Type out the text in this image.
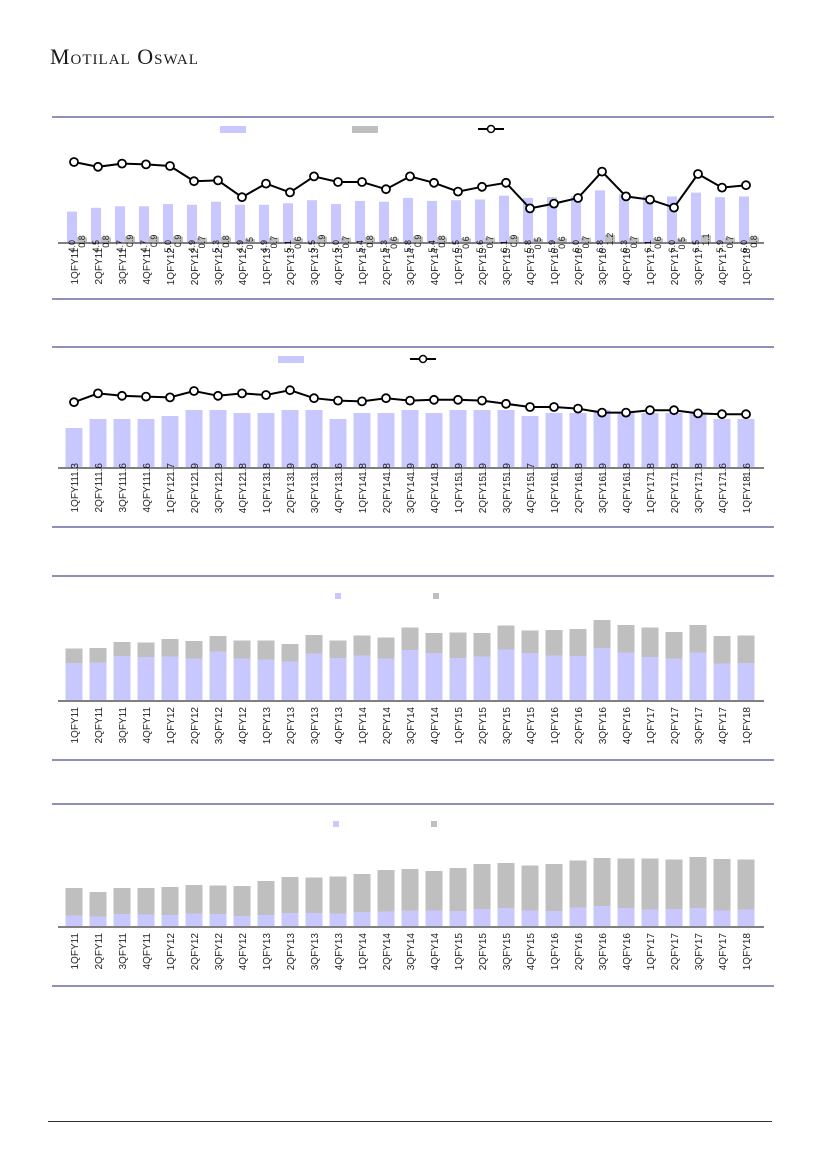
Motilal Oswal
4.0 4.5 4.7 4.7 5.0 4.9 5.3 4.9 4.9 5.1 5.5 5.0 5.4 5.3 5.8 5.4 5.5 5.6 6.1 5.8 5.9 6.0 6.8 6.3 6.1 6.0 6.5 5.9 6.0
0.8 0.8 0.9 0.9 0.9 0.7 0.8 0.5 0.7 0.6 0.9 0.7 0.8 0.6 0.9 0.8 0.6 0.7 0.9 0.5 0.6 0.7 1.2 0.7 0.6 0.5 1.1 0.7 0.8
1QFY11 2QFY11 3QFY11 4QFY11 1QFY12 2QFY12 3QFY12 4QFY12 1QFY13 2QFY13 3QFY13 4QFY13 1QFY14 2QFY14 3QFY14 4QFY14 1QFY15 2QFY15 3QFY15 4QFY15 1QFY16 2QFY16 3QFY16 4QFY16 1QFY17 2QFY17 3QFY17 4QFY17 1QFY18
1.3 1.6 1.6 1.6 1.7 1.9 1.9 1.8 1.8 1.9 1.9 1.6 1.8 1.8 1.9 1.8 1.9 1.9 1.9 1.7 1.8 1.8 1.9 1.8 1.8 1.8 1.8 1.6 1.6
1QFY11 2QFY11 3QFY11 4QFY11 1QFY12 2QFY12 3QFY12 4QFY12 1QFY13 2QFY13 3QFY13 4QFY13 1QFY14 2QFY14 3QFY14 4QFY14 1QFY15 2QFY15 3QFY15 4QFY15 1QFY16 2QFY16 3QFY16 4QFY16 1QFY17 2QFY17 3QFY17 4QFY17 1QFY18
1QFY11 2QFY11 3QFY11 4QFY11 1QFY12 2QFY12 3QFY12 4QFY12 1QFY13 2QFY13 3QFY13 4QFY13 1QFY14 2QFY14 3QFY14 4QFY14 1QFY15 2QFY15 3QFY15 4QFY15 1QFY16 2QFY16 3QFY16 4QFY16 1QFY17 2QFY17 3QFY17 4QFY17 1QFY18
1QFY11 2QFY11 3QFY11 4QFY11 1QFY12 2QFY12 3QFY12 4QFY12 1QFY13 2QFY13 3QFY13 4QFY13 1QFY14 2QFY14 3QFY14 4QFY14 1QFY15 2QFY15 3QFY15 4QFY15 1QFY16 2QFY16 3QFY16 4QFY16 1QFY17 2QFY17 3QFY17 4QFY17 1QFY18
